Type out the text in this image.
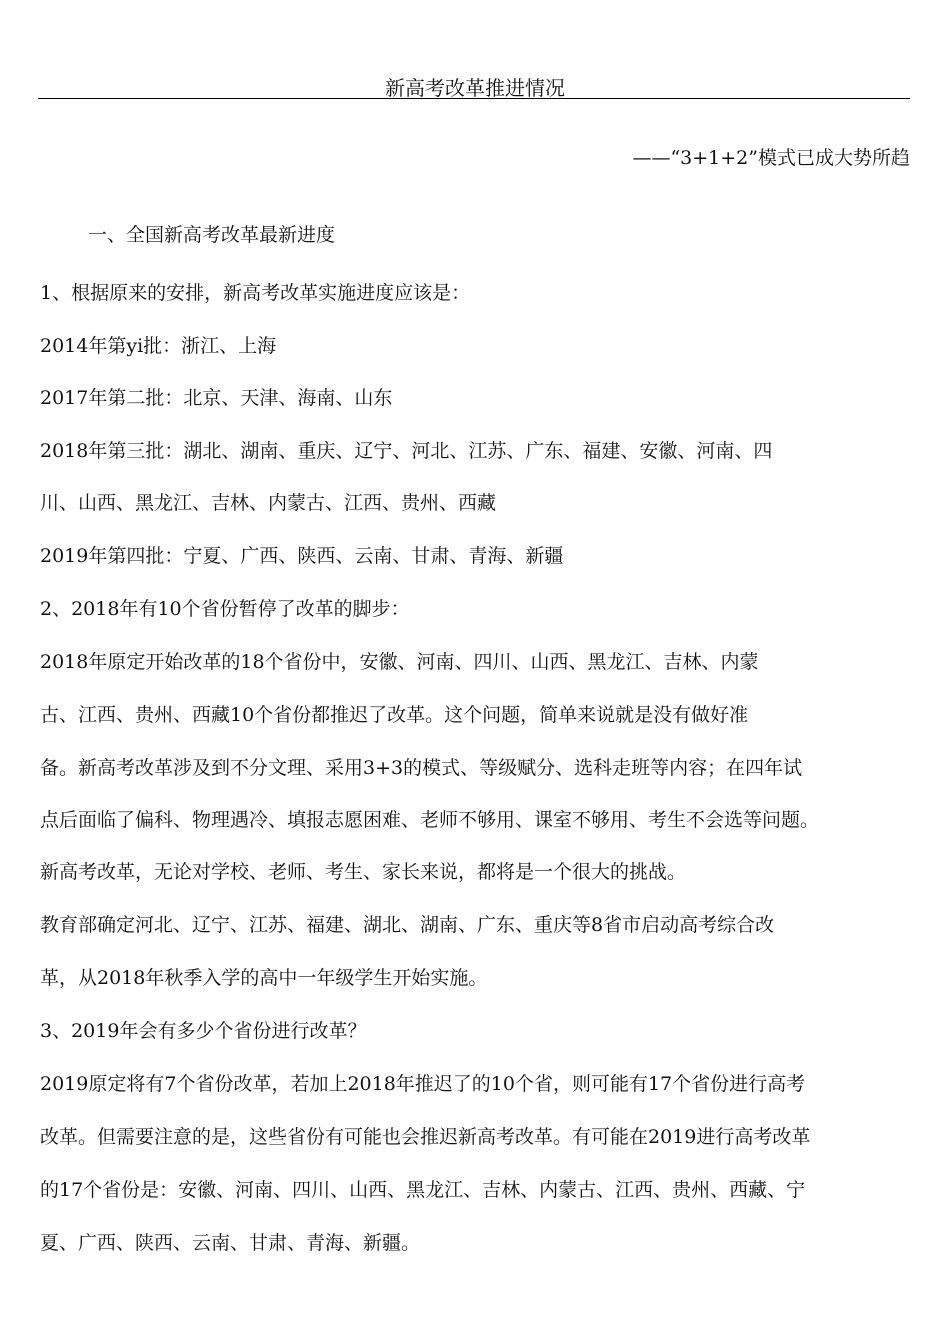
新高考改革推进情况
——“3+1+2”模式已成大势所趋
一、全国新高考改革最新进度
1、根据原来的安排，新高考改革实施进度应该是：
2014年第yi批：浙江、上海
2017年第二批：北京、天津、海南、山东
2018年第三批：湖北、湖南、重庆、辽宁、河北、江苏、广东、福建、安徽、河南、四
川、山西、黑龙江、吉林、内蒙古、江西、贵州、西藏
2019年第四批：宁夏、广西、陕西、云南、甘肃、青海、新疆
2、2018年有10个省份暂停了改革的脚步：
2018年原定开始改革的18个省份中，安徽、河南、四川、山西、黑龙江、吉林、内蒙
古、江西、贵州、西藏10个省份都推迟了改革。这个问题，简单来说就是没有做好准
备。新高考改革涉及到不分文理、采用3+3的模式、等级赋分、选科走班等内容；在四年试
点后面临了偏科、物理遇冷、填报志愿困难、老师不够用、课室不够用、考生不会选等问题。
新高考改革，无论对学校、老师、考生、家长来说，都将是一个很大的挑战。
教育部确定河北、辽宁、江苏、福建、湖北、湖南、广东、重庆等8省市启动高考综合改
革，从2018年秋季入学的高中一年级学生开始实施。
3、2019年会有多少个省份进行改革？
2019原定将有7个省份改革，若加上2018年推迟了的10个省，则可能有17个省份进行高考
改革。但需要注意的是，这些省份有可能也会推迟新高考改革。有可能在2019进行高考改革
的17个省份是：安徽、河南、四川、山西、黑龙江、吉林、内蒙古、江西、贵州、西藏、宁
夏、广西、陕西、云南、甘肃、青海、新疆。
